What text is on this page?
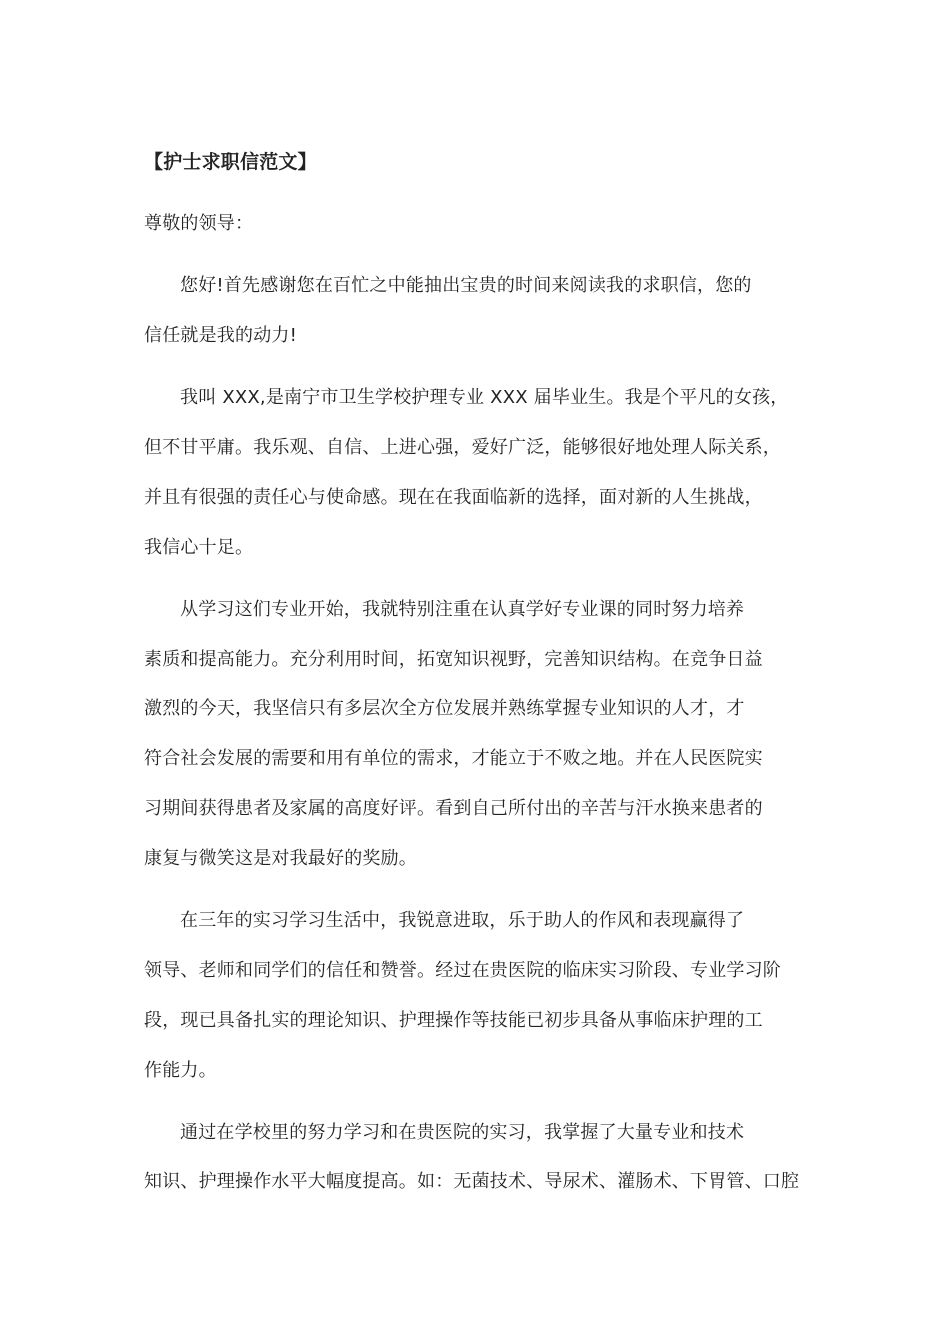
【护士求职信范文】
尊敬的领导：
您好!首先感谢您在百忙之中能抽出宝贵的时间来阅读我的求职信，您的
信任就是我的动力!
我叫 XXX,是南宁市卫生学校护理专业 XXX 届毕业生。我是个平凡的女孩，
但不甘平庸。我乐观、自信、上进心强，爱好广泛，能够很好地处理人际关系，
并且有很强的责任心与使命感。现在在我面临新的选择，面对新的人生挑战，
我信心十足。
从学习这们专业开始，我就特别注重在认真学好专业课的同时努力培养
素质和提高能力。充分利用时间，拓宽知识视野，完善知识结构。在竞争日益
激烈的今天，我坚信只有多层次全方位发展并熟练掌握专业知识的人才，才
符合社会发展的需要和用有单位的需求，才能立于不败之地。并在人民医院实
习期间获得患者及家属的高度好评。看到自己所付出的辛苦与汗水换来患者的
康复与微笑这是对我最好的奖励。
在三年的实习学习生活中，我锐意进取，乐于助人的作风和表现赢得了
领导、老师和同学们的信任和赞誉。经过在贵医院的临床实习阶段、专业学习阶
段，现已具备扎实的理论知识、护理操作等技能已初步具备从事临床护理的工
作能力。
通过在学校里的努力学习和在贵医院的实习，我掌握了大量专业和技术
知识、护理操作水平大幅度提高。如：无菌技术、导尿术、灌肠术、下胃管、口腔
